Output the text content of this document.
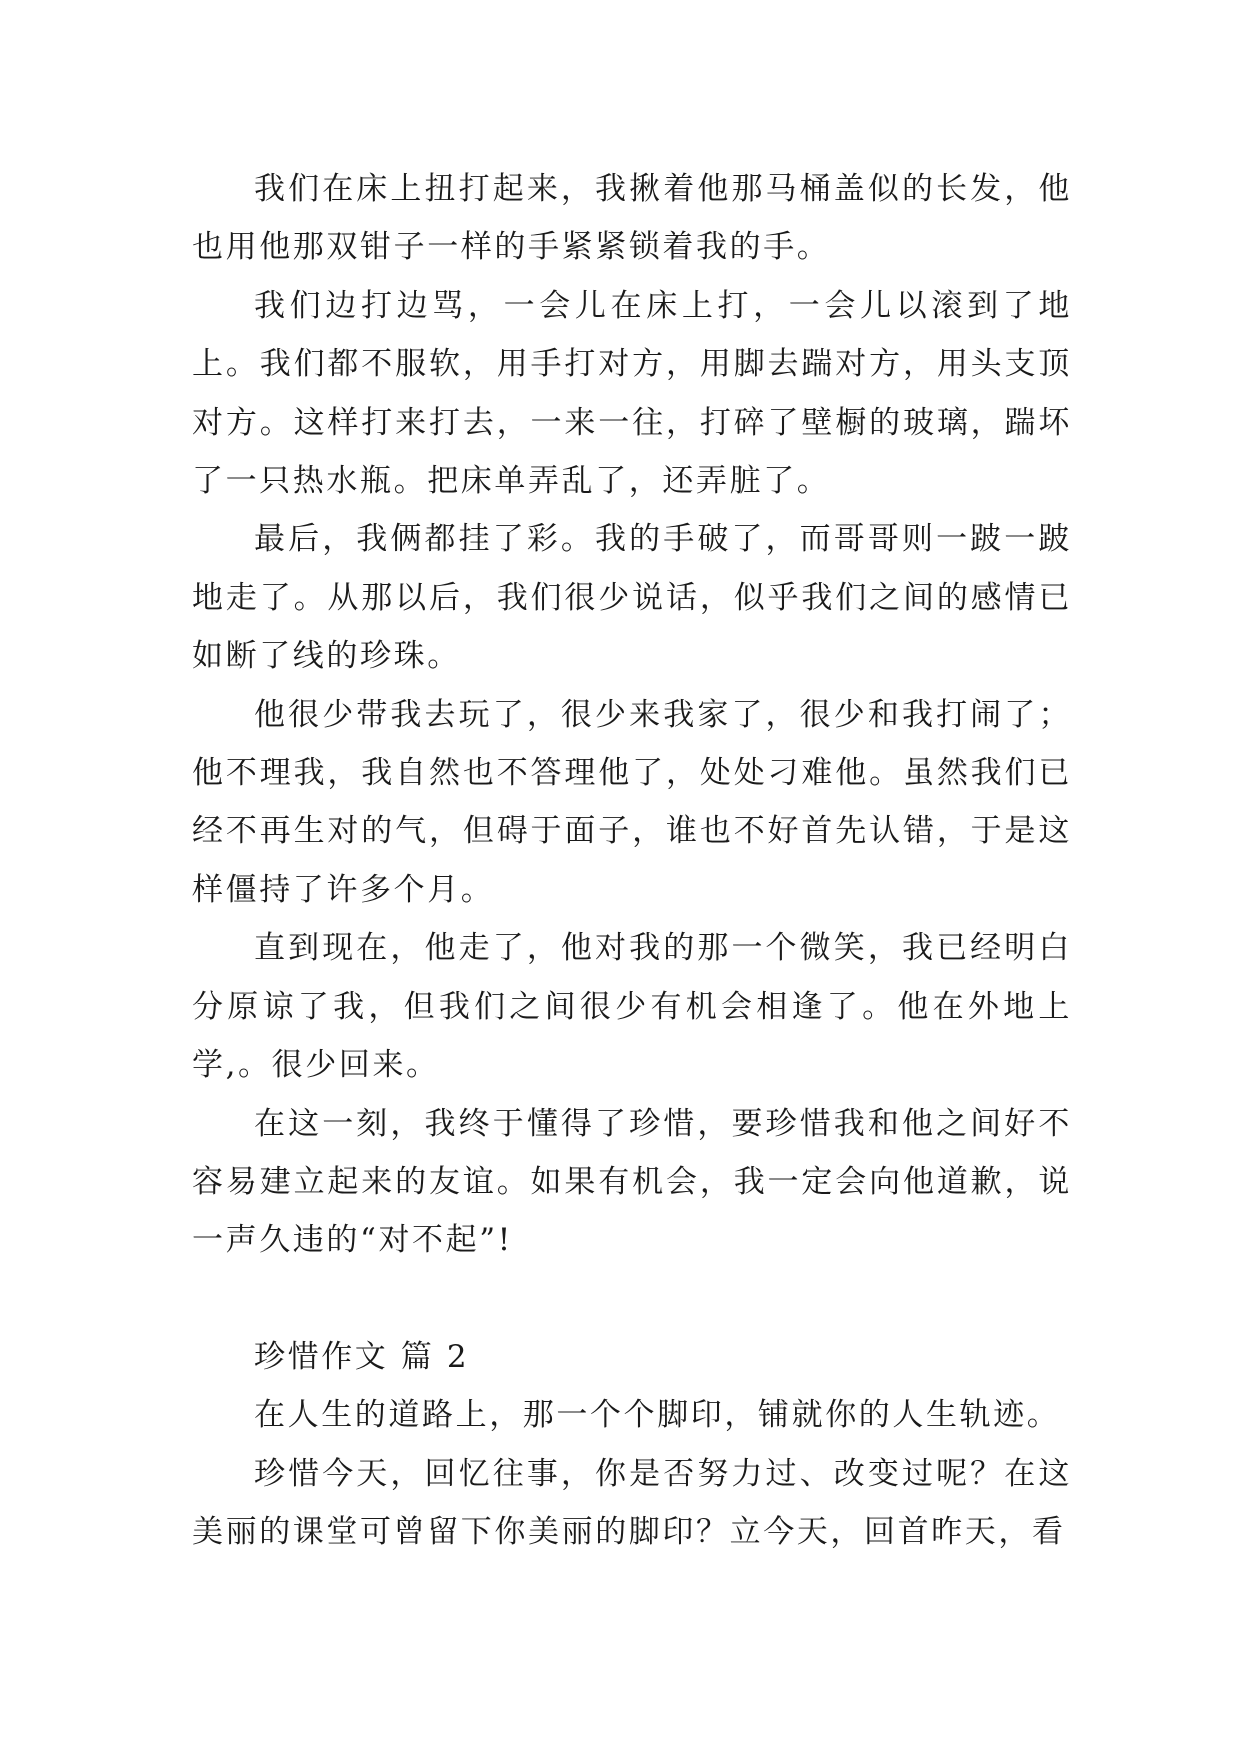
我们在床上扭打起来，我揪着他那马桶盖似的长发，他也用他那双钳子一样的手紧紧锁着我的手。

我们边打边骂，一会儿在床上打，一会儿以滚到了地上。我们都不服软，用手打对方，用脚去踹对方，用头支顶对方。这样打来打去，一来一往，打碎了壁橱的玻璃，踹坏了一只热水瓶。把床单弄乱了，还弄脏了。

最后，我俩都挂了彩。我的手破了，而哥哥则一跛一跛地走了。从那以后，我们很少说话，似乎我们之间的感情已如断了线的珍珠。

他很少带我去玩了，很少来我家了，很少和我打闹了；他不理我，我自然也不答理他了，处处刁难他。虽然我们已经不再生对的气，但碍于面子，谁也不好首先认错，于是这样僵持了许多个月。

直到现在，他走了，他对我的那一个微笑，我已经明白分原谅了我，但我们之间很少有机会相逢了。他在外地上学,。很少回来。

在这一刻，我终于懂得了珍惜，要珍惜我和他之间好不容易建立起来的友谊。如果有机会，我一定会向他道歉，说一声久违的“对不起”!

珍惜作文 篇 2

在人生的道路上，那一个个脚印，铺就你的人生轨迹。

珍惜今天，回忆往事，你是否努力过、改变过呢？在这美丽的课堂可曾留下你美丽的脚印？立今天，回首昨天，看
